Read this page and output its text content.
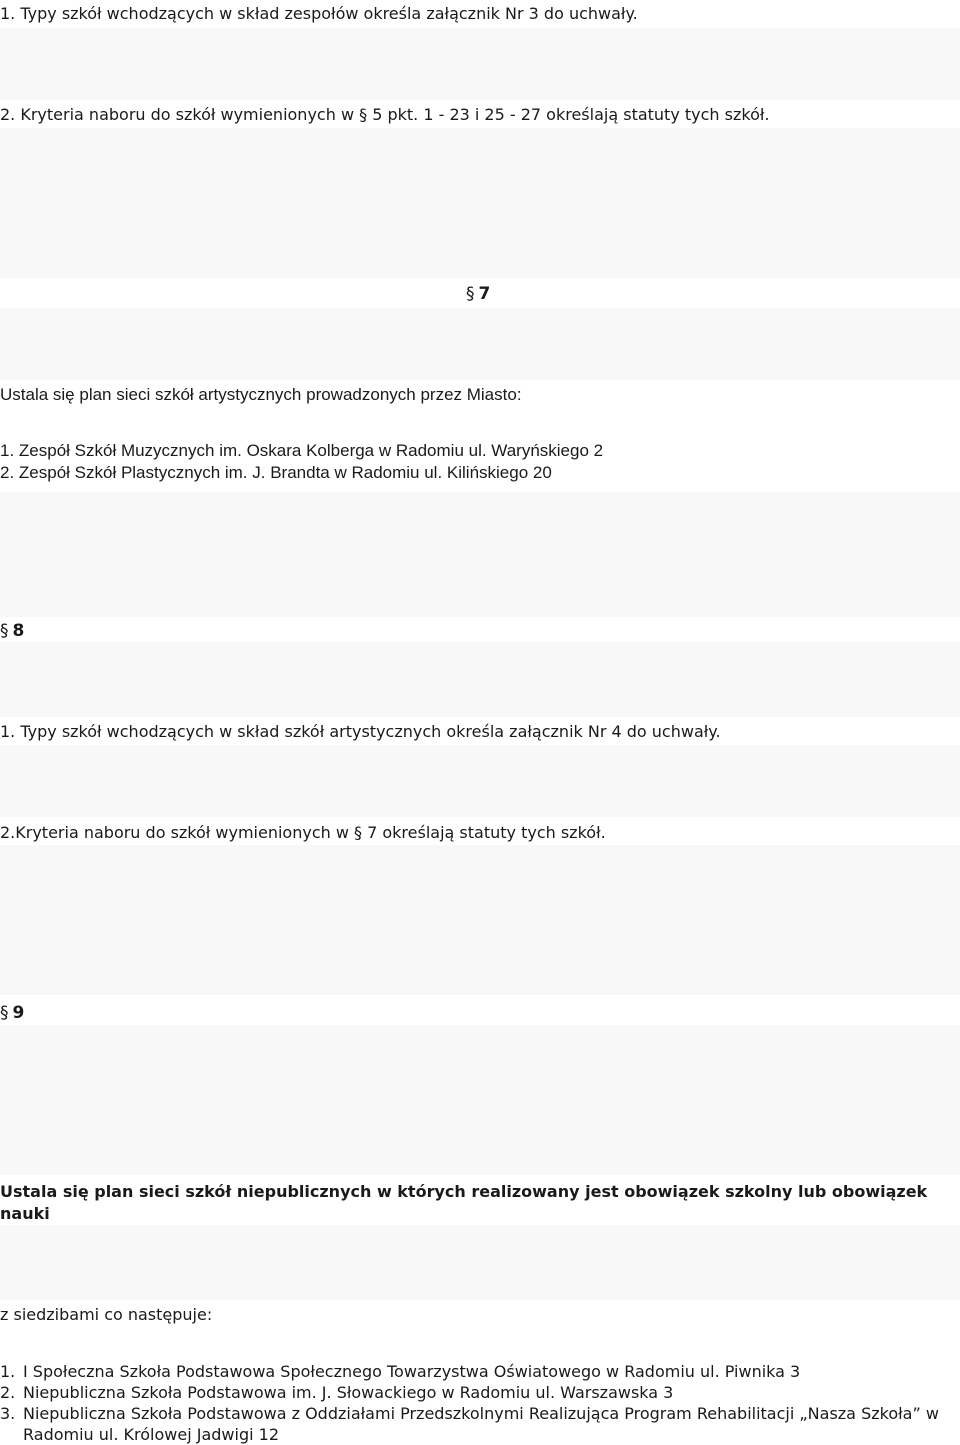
1. Typy szkół wchodzących w skład zespołów określa załącznik Nr 3 do uchwały.
2. Kryteria naboru do szkół wymienionych w § 5 pkt. 1 - 23 i 25 - 27 określają statuty tych szkół.
§ 7
Ustala się plan sieci szkół artystycznych prowadzonych przez Miasto:
1. Zespół Szkół Muzycznych im. Oskara Kolberga w Radomiu ul. Waryńskiego 2
2. Zespół Szkół Plastycznych im. J. Brandta w Radomiu ul. Kilińskiego 20
§ 8
1. Typy szkół wchodzących w skład szkół artystycznych określa załącznik Nr 4 do uchwały.
2.Kryteria naboru do szkół wymienionych w § 7 określają statuty tych szkół.
§ 9
Ustala się plan sieci szkół niepublicznych w których realizowany jest obowiązek szkolny lub obowiązek nauki
z siedzibami co następuje:
1. I Społeczna Szkoła Podstawowa Społecznego Towarzystwa Oświatowego w Radomiu ul. Piwnika 3
2. Niepubliczna Szkoła Podstawowa im. J. Słowackiego w Radomiu ul. Warszawska 3
3. Niepubliczna Szkoła Podstawowa z Oddziałami Przedszkolnymi Realizująca Program Rehabilitacji „Nasza Szkoła” w Radomiu ul. Królowej Jadwigi 12
